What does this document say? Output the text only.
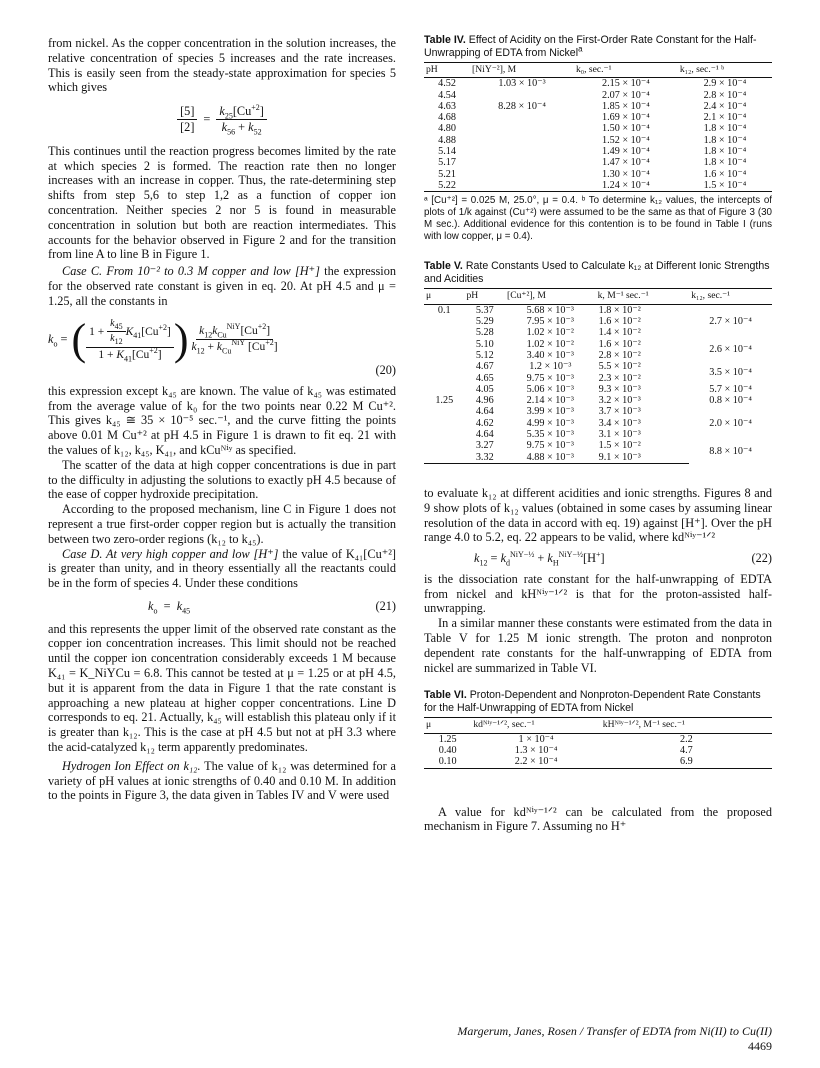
from nickel. As the copper concentration in the solution increases, the relative concentration of species 5 increases and the rate increases. This is easily seen from the steady-state approximation for species 5 which gives

$\frac{[5]}{[2]} = \frac{k_{25}[Cu^{+2}]}{k_{56} + k_{52}}$

This continues until the reaction progress becomes limited by the rate at which species 2 is formed. The reaction rate then no longer increases with an increase in copper. Thus, the rate-determining step shifts from step 5,6 to step 1,2 as a function of copper ion concentration. Neither species 2 nor 5 is found in measurable concentration in solution but both are reaction intermediates. This accounts for the behavior observed in Figure 2 and for the transition from line A to line B in Figure 1.

Case C. From 10⁻² to 0.3 M copper and low [H⁺] the expression for the observed rate constant is given in eq. 20. At pH 4.5 and μ = 1.25, all the constants in

$k_o$ = ( $\frac{1 + \frac{k_{45}}{k_{12}} K_{41}[Cu^{+2}]}{1 + K_{41}[Cu^{+2}]}$ ) $\frac{k_{12}k_{Cu}^{NiY}[Cu^{+2}]}{k_{12} + k_{Cu}^{NiY} [Cu^{+2}]}$
(20)

this expression except k₄₅ are known. The value of k₄₅ was estimated from the average value of k₀ for the two points near 0.22 M Cu⁺². This gives k₄₅ ≅ 35 × 10⁻⁵ sec.⁻¹, and the curve fitting the points above 0.01 M Cu⁺² at pH 4.5 in Figure 1 is drawn to fit eq. 21 with the values of k₁₂, k₄₅, K₄₁, and kCuᴺⁱʸ as specified.

The scatter of the data at high copper concentrations is due in part to the difficulty in adjusting the solutions to exactly pH 4.5 because of the ease of copper hydroxide precipitation.

According to the proposed mechanism, line C in Figure 1 does not represent a true first-order copper region but is actually the transition between two zero-order regions (k₁₂ to k₄₅).

Case D. At very high copper and low [H⁺] the value of K₄₁[Cu⁺²] is greater than unity, and in theory essentially all the reactants could be in the form of species 4. Under these conditions

$k_o = k_{45}$	(21)

and this represents the upper limit of the observed rate constant as the copper ion concentration increases. This limit should not be reached until the copper ion concentration considerably exceeds 1 M because K₄₁ = K_NiYCu = 6.8. This cannot be tested at μ = 1.25 or at pH 4.5, but it is apparent from the data in Figure 1 that the rate constant is approaching a new plateau at higher copper concentrations. Line D corresponds to eq. 21. Actually, k₄₅ will establish this plateau only if it is greater than k₁₂. This is the case at pH 4.5 but not at pH 3.3 where the acid-catalyzed k₁₂ term apparently predominates.

Hydrogen Ion Effect on k₁₂. The value of k₁₂ was determined for a variety of pH values at ionic strengths of 0.40 and 0.10 M. In addition to the points in Figure 3, the data given in Tables IV and V were used

Table IV. Effect of Acidity on the First-Order Rate Constant for the Half-Unwrapping of EDTA from Nickel$^a$
pH	[NiY⁻²], M	k₀, sec.⁻¹	k₁₂, sec.⁻¹ ᵇ
4.52	1.03 × 10⁻³	2.15 × 10⁻⁴	2.9 × 10⁻⁴
4.54		2.07 × 10⁻⁴	2.8 × 10⁻⁴
4.63	8.28 × 10⁻⁴	1.85 × 10⁻⁴	2.4 × 10⁻⁴
4.68		1.69 × 10⁻⁴	2.1 × 10⁻⁴
4.80		1.50 × 10⁻⁴	1.8 × 10⁻⁴
4.88		1.52 × 10⁻⁴	1.8 × 10⁻⁴
5.14		1.49 × 10⁻⁴	1.8 × 10⁻⁴
5.17		1.47 × 10⁻⁴	1.8 × 10⁻⁴
5.21		1.30 × 10⁻⁴	1.6 × 10⁻⁴
5.22		1.24 × 10⁻⁴	1.5 × 10⁻⁴
ᵃ [Cu⁺²] = 0.025 M, 25.0°, μ = 0.4. ᵇ To determine k₁₂ values, the intercepts of plots of 1/k against (Cu⁺²) were assumed to be the same as that of Figure 3 (30 M sec.). Additional evidence for this contention is to be found in Table I (runs with low copper, μ = 0.4).
Table V. Rate Constants Used to Calculate k₁₂ at Different Ionic Strengths and Acidities
μ	pH	[Cu⁺²], M	k, M⁻¹ sec.⁻¹	k₁₂, sec.⁻¹
0.1	5.37	5.68 × 10⁻³	1.8 × 10⁻²	2.7 × 10⁻⁴
	5.29	7.95 × 10⁻³	1.6 × 10⁻²	
	5.28	1.02 × 10⁻²	1.4 × 10⁻²	
	5.10	1.02 × 10⁻²	1.6 × 10⁻²	2.6 × 10⁻⁴
	5.12	3.40 × 10⁻³	2.8 × 10⁻²	
	4.67	1.2 × 10⁻³	5.5 × 10⁻²	3.5 × 10⁻⁴
	4.65	9.75 × 10⁻³	2.3 × 10⁻²	
	4.05	5.06 × 10⁻³	9.3 × 10⁻³	5.7 × 10⁻⁴
1.25	4.96	2.14 × 10⁻³	3.2 × 10⁻³	0.8 × 10⁻⁴
	4.64	3.99 × 10⁻³	3.7 × 10⁻³	2.0 × 10⁻⁴
	4.62	4.99 × 10⁻³	3.4 × 10⁻³	
	4.64	5.35 × 10⁻³	3.1 × 10⁻³	
	3.27	9.75 × 10⁻³	1.5 × 10⁻²	8.8 × 10⁻⁴
	3.32	4.88 × 10⁻³	9.1 × 10⁻³	

to evaluate k₁₂ at different acidities and ionic strengths. Figures 8 and 9 show plots of k₁₂ values (obtained in some cases by assuming linear resolution of the data in accord with eq. 19) against [H⁺]. Over the pH range 4.0 to 5.2, eq. 22 appears to be valid, where kdᴺⁱʸ⁻¹ᐟ²

$k_{12} = k_d^{NiY-\frac{1}{2}} + k_H^{NiY-\frac{1}{2}}[H^+]$	(22)

is the dissociation rate constant for the half-unwrapping of EDTA from nickel and kHᴺⁱʸ⁻¹ᐟ² is that for the proton-assisted half-unwrapping.

In a similar manner these constants were estimated from the data in Table V for 1.25 M ionic strength. The proton and nonproton dependent rate constants for the half-unwrapping of EDTA from nickel are summarized in Table VI.

Table VI. Proton-Dependent and Nonproton-Dependent Rate Constants for the Half-Unwrapping of EDTA from Nickel
μ	kdᴺⁱʸ⁻¹ᐟ², sec.⁻¹	kHᴺⁱʸ⁻¹ᐟ², M⁻¹ sec.⁻¹
1.25	1 × 10⁻⁴	2.2
0.40	1.3 × 10⁻⁴	4.7
0.10	2.2 × 10⁻⁴	6.9

A value for kdᴺⁱʸ⁻¹ᐟ² can be calculated from the proposed mechanism in Figure 7. Assuming no H⁺

Margerum, Janes, Rosen / Transfer of EDTA from Ni(II) to Cu(II)4469
